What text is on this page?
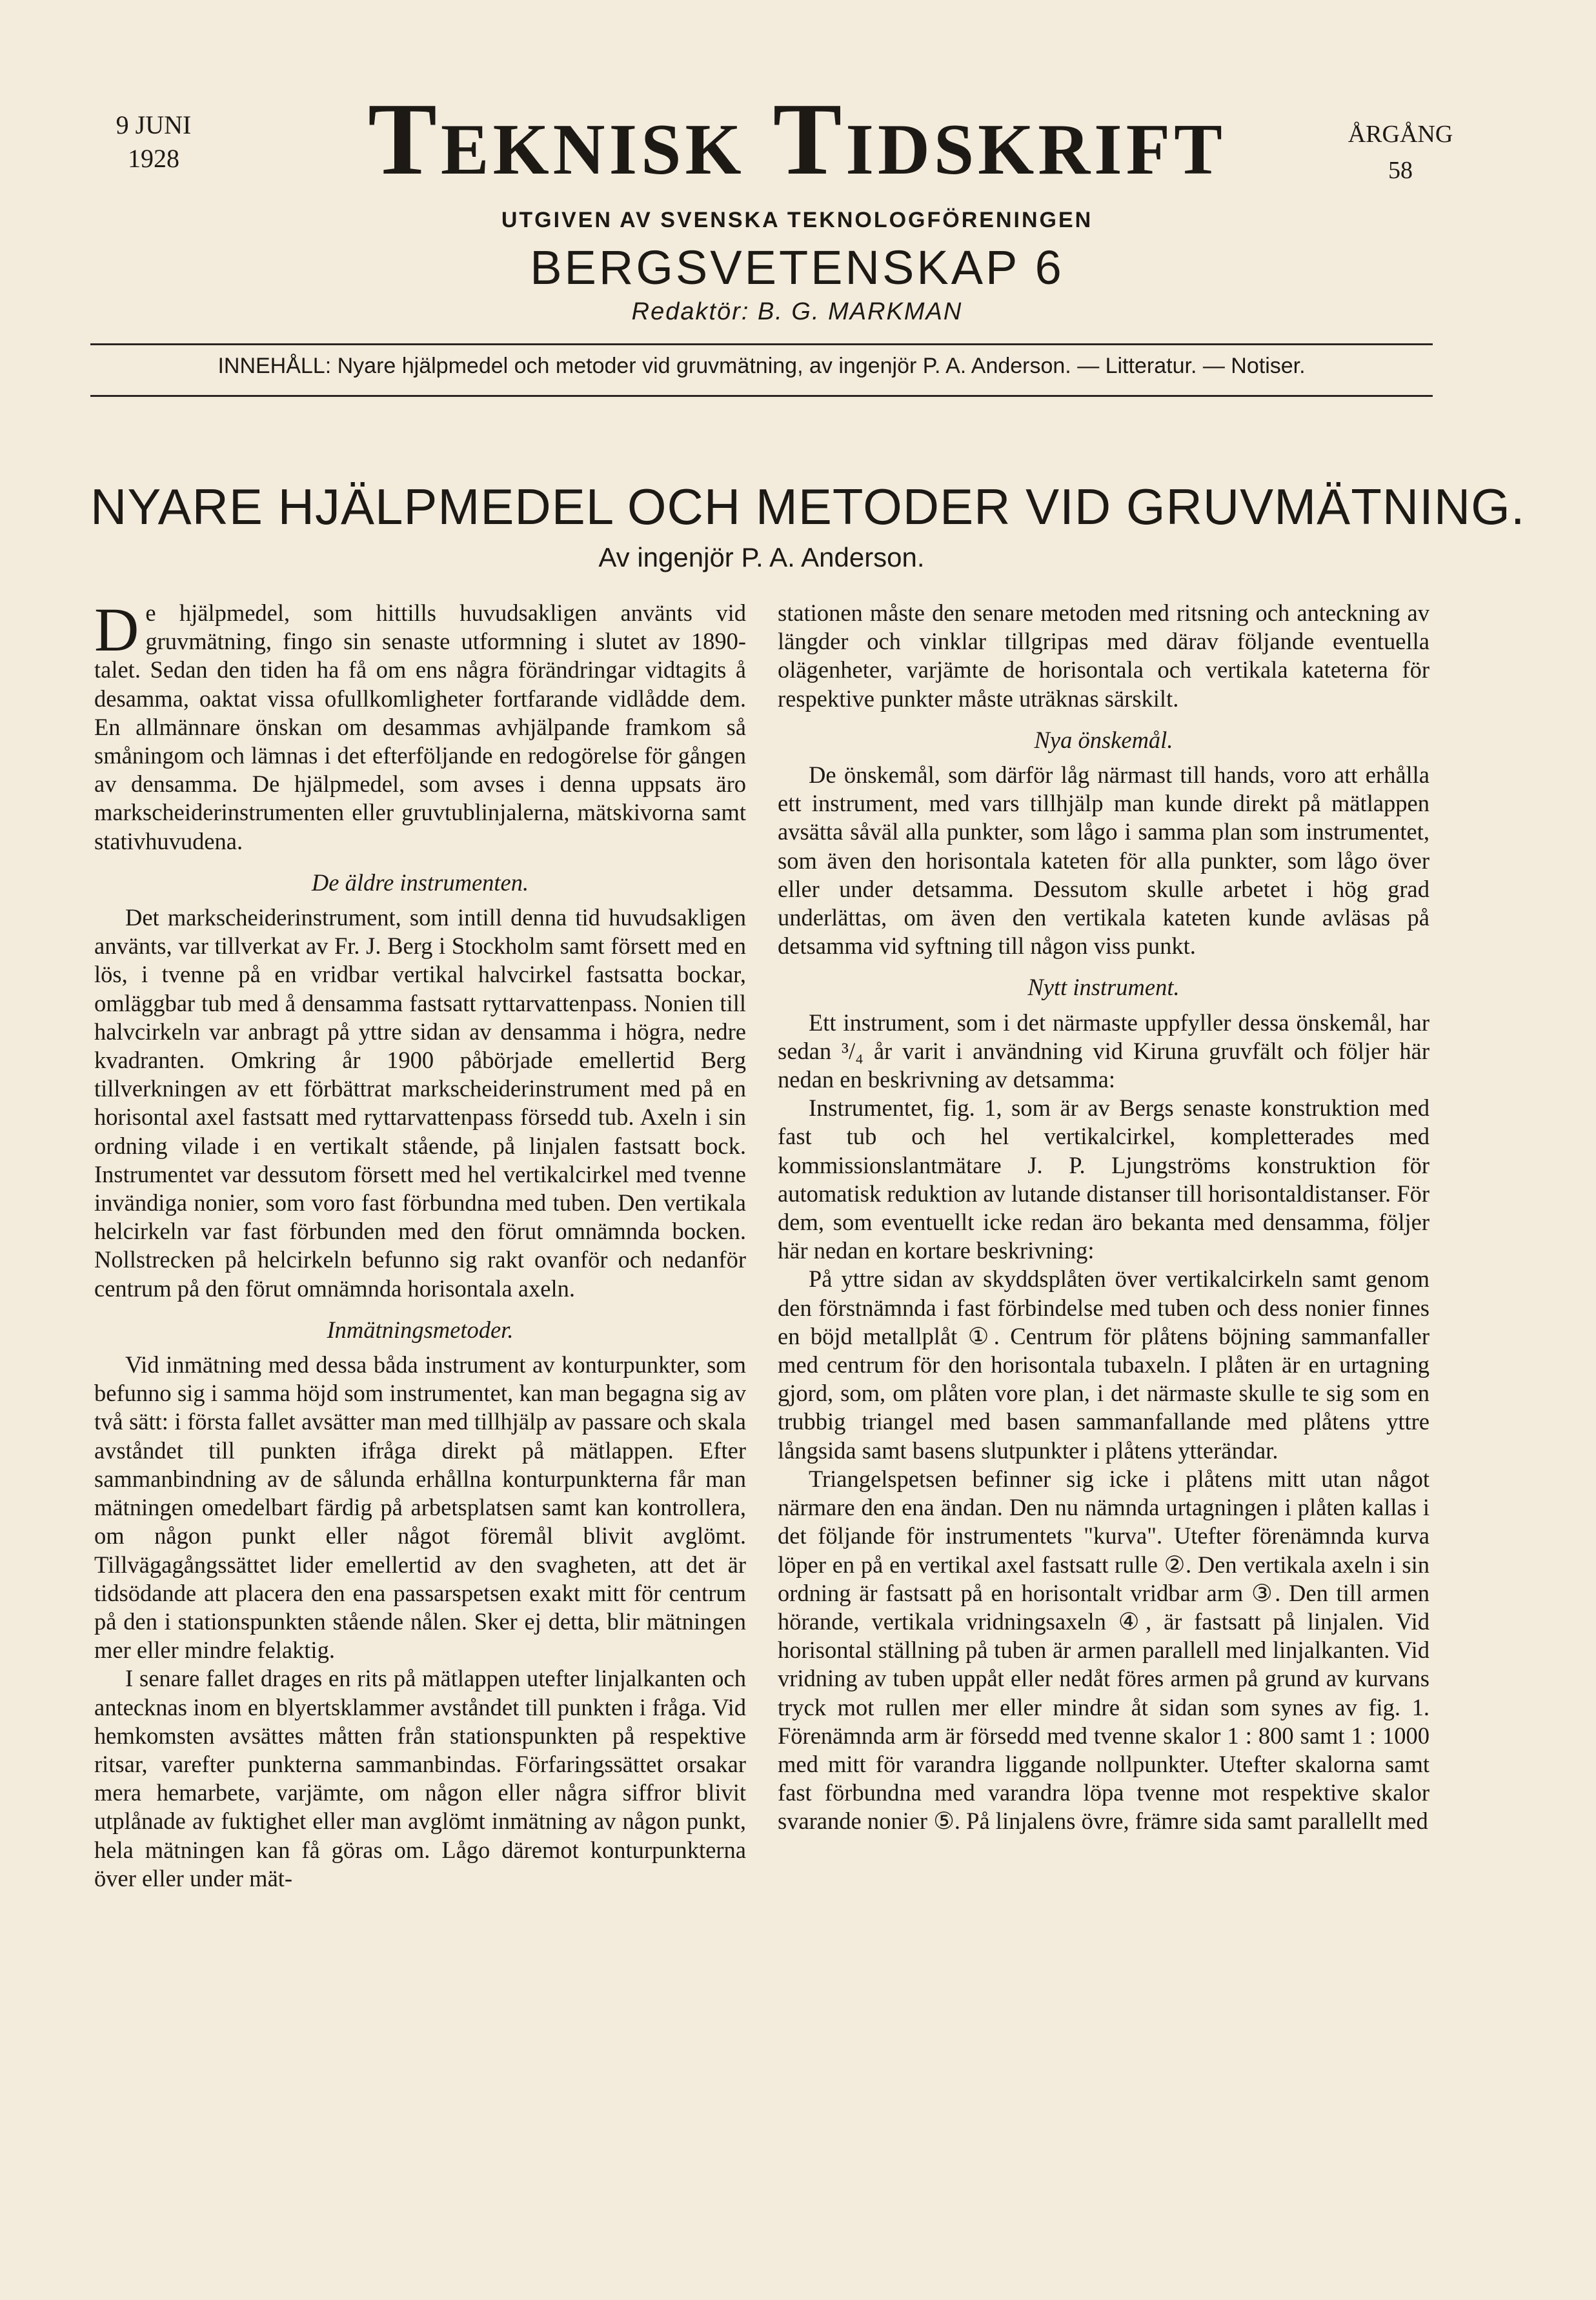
9 JUNI
1928	Teknisk Tidskrift	ÅRGÅNG
58
UTGIVEN AV SVENSKA TEKNOLOGFÖRENINGEN
BERGSVETENSKAP 6
Redaktör: B. G. MARKMAN
INNEHÅLL: Nyare hjälpmedel och metoder vid gruvmätning, av ingenjör P. A. Anderson. — Litteratur. — Notiser.
NYARE HJÄLPMEDEL OCH METODER VID GRUVMÄTNING.
Av ingenjör P. A. Anderson.

De hjälpmedel, som hittills huvudsakligen använts vid gruvmätning, fingo sin senaste utformning i slutet av 1890-talet. Sedan den tiden ha få om ens några förändringar vidtagits å desamma, oaktat vissa ofullkomligheter fortfarande vidlådde dem. En allmännare önskan om desammas avhjälpande framkom så småningom och lämnas i det efterföljande en redogörelse för gången av densamma. De hjälpmedel, som avses i denna uppsats äro markscheiderinstrumenten eller gruvtublinjalerna, mätskivorna samt stativhuvudena.

De äldre instrumenten.

Det markscheiderinstrument, som intill denna tid huvudsakligen använts, var tillverkat av Fr. J. Berg i Stockholm samt försett med en lös, i tvenne på en vridbar vertikal halvcirkel fastsatta bockar, omläggbar tub med å densamma fastsatt ryttarvattenpass. Nonien till halvcirkeln var anbragt på yttre sidan av densamma i högra, nedre kvadranten. Omkring år 1900 påbörjade emellertid Berg tillverkningen av ett förbättrat markscheiderinstrument med på en horisontal axel fastsatt med ryttarvattenpass försedd tub. Axeln i sin ordning vilade i en vertikalt stående, på linjalen fastsatt bock. Instrumentet var dessutom försett med hel vertikalcirkel med tvenne invändiga nonier, som voro fast förbundna med tuben. Den vertikala helcirkeln var fast förbunden med den förut omnämnda bocken. Nollstrecken på helcirkeln befunno sig rakt ovanför och nedanför centrum på den förut omnämnda horisontala axeln.

Inmätningsmetoder.

Vid inmätning med dessa båda instrument av konturpunkter, som befunno sig i samma höjd som instrumentet, kan man begagna sig av två sätt: i första fallet avsätter man med tillhjälp av passare och skala avståndet till punkten ifråga direkt på mätlappen. Efter sammanbindning av de sålunda erhållna konturpunkterna får man mätningen omedelbart färdig på arbetsplatsen samt kan kontrollera, om någon punkt eller något föremål blivit avglömt. Tillvägagångssättet lider emellertid av den svagheten, att det är tidsödande att placera den ena passarspetsen exakt mitt för centrum på den i stationspunkten stående nålen. Sker ej detta, blir mätningen mer eller mindre felaktig.

I senare fallet drages en rits på mätlappen utefter linjalkanten och antecknas inom en blyertsklammer avståndet till punkten i fråga. Vid hemkomsten avsättes måtten från stationspunkten på respektive ritsar, varefter punkterna sammanbindas. Förfaringssättet orsakar mera hemarbete, varjämte, om någon eller några siffror blivit utplånade av fuktighet eller man avglömt inmätning av någon punkt, hela mätningen kan få göras om. Lågo däremot konturpunkterna över eller under mät-

stationen måste den senare metoden med ritsning och anteckning av längder och vinklar tillgripas med därav följande eventuella olägenheter, varjämte de horisontala och vertikala kateterna för respektive punkter måste uträknas särskilt.

Nya önskemål.

De önskemål, som därför låg närmast till hands, voro att erhålla ett instrument, med vars tillhjälp man kunde direkt på mätlappen avsätta såväl alla punkter, som lågo i samma plan som instrumentet, som även den horisontala kateten för alla punkter, som lågo över eller under detsamma. Dessutom skulle arbetet i hög grad underlättas, om även den vertikala kateten kunde avläsas på detsamma vid syftning till någon viss punkt.

Nytt instrument.

Ett instrument, som i det närmaste uppfyller dessa önskemål, har sedan ³/₄ år varit i användning vid Kiruna gruvfält och följer här nedan en beskrivning av detsamma:

Instrumentet, fig. 1, som är av Bergs senaste konstruktion med fast tub och hel vertikalcirkel, kompletterades med kommissionslantmätare J. P. Ljungströms konstruktion för automatisk reduktion av lutande distanser till horisontaldistanser. För dem, som eventuellt icke redan äro bekanta med densamma, följer här nedan en kortare beskrivning:

På yttre sidan av skyddsplåten över vertikalcirkeln samt genom den förstnämnda i fast förbindelse med tuben och dess nonier finnes en böjd metallplåt ①. Centrum för plåtens böjning sammanfaller med centrum för den horisontala tubaxeln. I plåten är en urtagning gjord, som, om plåten vore plan, i det närmaste skulle te sig som en trubbig triangel med basen sammanfallande med plåtens yttre långsida samt basens slutpunkter i plåtens ytterändar.

Triangelspetsen befinner sig icke i plåtens mitt utan något närmare den ena ändan. Den nu nämnda urtagningen i plåten kallas i det följande för instrumentets "kurva". Utefter förenämnda kurva löper en på en vertikal axel fastsatt rulle ②. Den vertikala axeln i sin ordning är fastsatt på en horisontalt vridbar arm ③. Den till armen hörande, vertikala vridningsaxeln ④, är fastsatt på linjalen. Vid horisontal ställning på tuben är armen parallell med linjalkanten. Vid vridning av tuben uppåt eller nedåt föres armen på grund av kurvans tryck mot rullen mer eller mindre åt sidan som synes av fig. 1. Förenämnda arm är försedd med tvenne skalor 1 : 800 samt 1 : 1000 med mitt för varandra liggande nollpunkter. Utefter skalorna samt fast förbundna med varandra löpa tvenne mot respektive skalor svarande nonier ⑤. På linjalens övre, främre sida samt parallellt med
